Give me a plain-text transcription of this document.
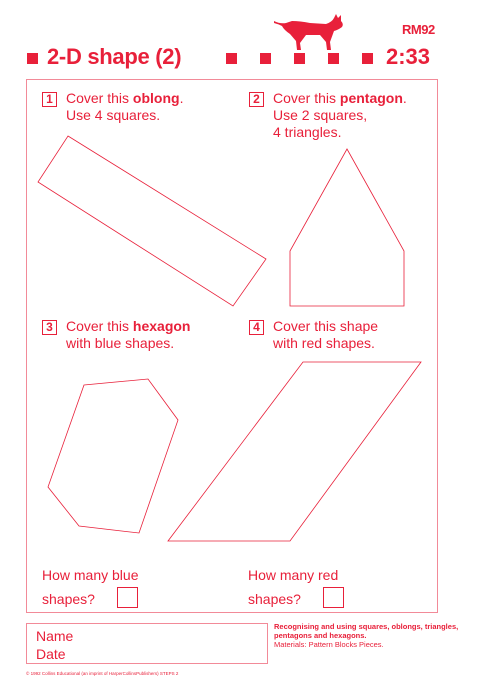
RM92
2-D shape (2)	2:33
1 Cover this oblong.
Use 4 squares.
2 Cover this pentagon.
Use 2 squares,
4 triangles.
3 Cover this hexagon
with blue shapes.
4 Cover this shape
with red shapes.
How many blue
shapes?
How many red
shapes?
Name
Date
Recognising and using squares, oblongs, triangles, pentagons and hexagons.
Materials: Pattern Blocks Pieces.
© 1992 Collins Educational (an imprint of HarperCollinsPublishers) STEPS 2
